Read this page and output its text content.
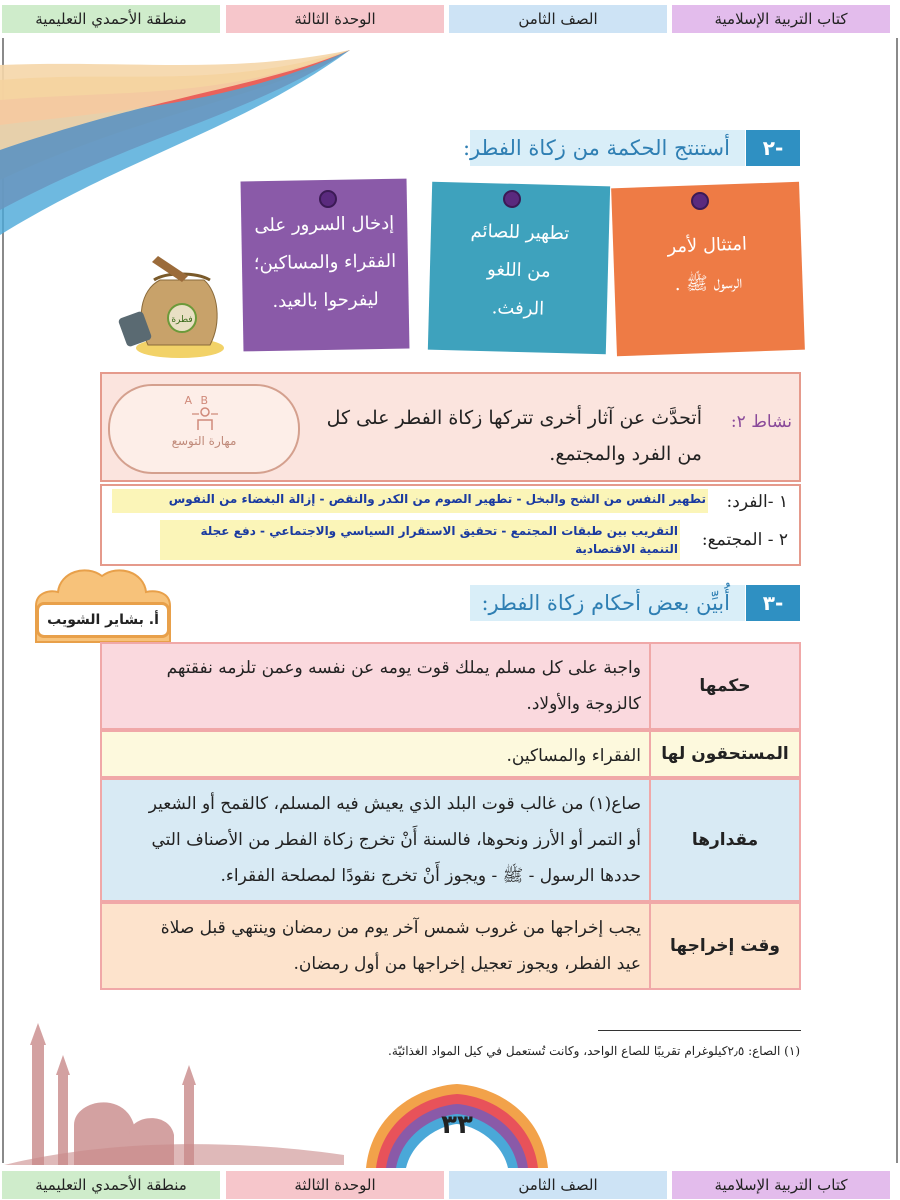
كتاب التربية الإسلامية
الصف الثامن
الوحدة الثالثة
منطقة الأحمدي التعليمية
-٢
أستنتج الحكمة من زكاة الفطر:
امتثال لأمر
الرسول ﷺ .
تطهير للصائم
من اللغو
الرفث.
إدخال السرور على
الفقراء والمساكين؛
ليفرحوا بالعيد.
فطرة
نشاط ٢:
أتحدَّث عن آثار أخرى تتركها زكاة الفطر على كل
من الفرد والمجتمع.
A B
مهارة التوسع
١ -الفرد:
تطهير النفس من الشح والبخل - تطهير الصوم من الكدر والنقص - إزالة البغضاء من النفوس
٢ - المجتمع:
التقريب بين طبقات المجتمع - تحقيق الاستقرار السياسي والاجتماعي - دفع عجلة
التنمية الاقتصادية
أ. بشاير الشويب
-٣
أُبيِّن بعض أحكام زكاة الفطر:
حكمها
واجبة على كل مسلم يملك قوت يومه عن نفسه وعمن تلزمه نفقتهم
كالزوجة والأولاد.
المستحقون لها
الفقراء والمساكين.
مقدارها
صاع(١) من غالب قوت البلد الذي يعيش فيه المسلم، كالقمح أو الشعير
أو التمر أو الأرز ونحوها، فالسنة أَنْ تخرج زكاة الفطر من الأصناف التي
حددها الرسول - ﷺ - ويجوز أَنْ تخرج نقودًا لمصلحة الفقراء.
وقت إخراجها
يجب إخراجها من غروب شمس آخر يوم من رمضان وينتهي قبل صلاة
عيد الفطر، ويجوز تعجيل إخراجها من أول رمضان.
(١) الصاع: ٢٫٥كيلوغرام تقريبًا للصاع الواحد، وكانت تُستعمل في كيل المواد الغذائيّة.
٣٣
كتاب التربية الإسلامية
الصف الثامن
الوحدة الثالثة
منطقة الأحمدي التعليمية
